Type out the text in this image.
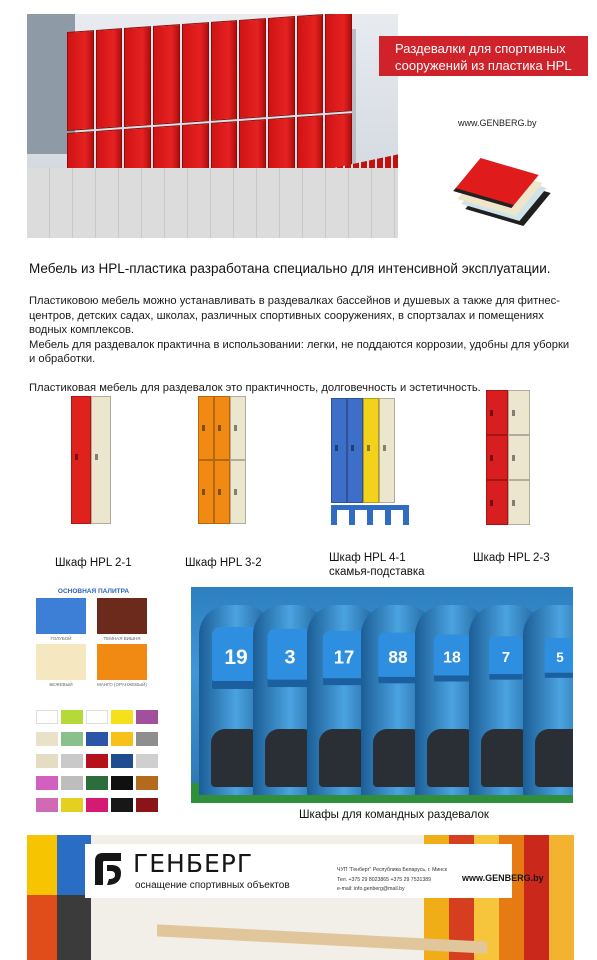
Раздевалки для спортивных сооружений из пластика HPL
www.GENBERG.by
Мебель из HPL-пластика разработана специально для интенсивной эксплуатации.

Пластиковою мебель можно устанавливать в раздевалках бассейнов и душевых а также для фитнес-центров, детских садах, школах, различных спортивных сооружениях, в спортзалах и помещениях водных комплексов.

Мебель для раздевалок практична в использовании: легки, не поддаются коррозии, удобны для уборки и обработки.

Пластиковая мебель для раздевалок это практичность, долговечность и эстетичность.

Шкаф HPL 2-1	Шкаф HPL 3-2	Шкаф HPL 4-1
скамья-подставка
Шкаф HPL 2-3
ОСНОВНАЯ ПАЛИТРА
ГОЛУБОЙ	ТЕМНАЯ ВИШНЯ
БЕЖЕВЫЙ	МАНГО (ОРАНЖЕВЫЙ)
19	3	17	88	18	7	5
Шкафы для командных раздевалок
ГЕНБЕРГ
оснащение спортивных объектов
ЧУП "Генберг" Республика Беларусь, г. Минск
Тел. +375 29 8023865 +375 29 7531389
e-mail: info.genberg@mail.by
www.GENBERG.by
